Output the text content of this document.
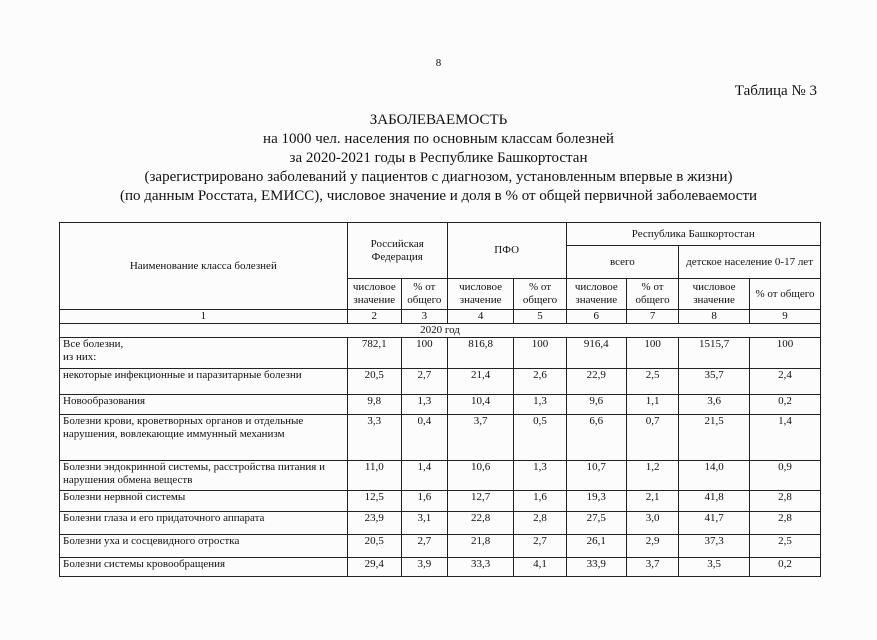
8
Таблица № 3
ЗАБОЛЕВАЕМОСТЬ
на 1000 чел. населения по основным классам болезней
за 2020-2021 годы в Республике Башкортостан
(зарегистрировано заболеваний у пациентов с диагнозом, установленным впервые в жизни)
(по данным Росстата, ЕМИСС), числовое значение и доля в % от общей первичной заболеваемости
Наименование класса болезней	Российская Федерация		ПФО		Республика Башкортостан			
					всего		детское население 0-17 лет	
	числовое значение	% от общего	числовое значение	% от общего	числовое значение	% от общего	числовое значение	% от общего
1	2	3	4	5	6	7	8	9
2020 год								
Все болезни,
из них:	782,1	100	816,8	100	916,4	100	1515,7	100
некоторые инфекционные и паразитарные болезни	20,5	2,7	21,4	2,6	22,9	2,5	35,7	2,4
Новообразования	9,8	1,3	10,4	1,3	9,6	1,1	3,6	0,2
Болезни крови, кроветворных органов и отдельные нарушения, вовлекающие иммунный механизм	3,3	0,4	3,7	0,5	6,6	0,7	21,5	1,4
Болезни эндокринной системы, расстройства питания и нарушения обмена веществ	11,0	1,4	10,6	1,3	10,7	1,2	14,0	0,9
Болезни нервной системы	12,5	1,6	12,7	1,6	19,3	2,1	41,8	2,8
Болезни глаза и его придаточного аппарата	23,9	3,1	22,8	2,8	27,5	3,0	41,7	2,8
Болезни уха и сосцевидного отростка	20,5	2,7	21,8	2,7	26,1	2,9	37,3	2,5
Болезни системы кровообращения	29,4	3,9	33,3	4,1	33,9	3,7	3,5	0,2
